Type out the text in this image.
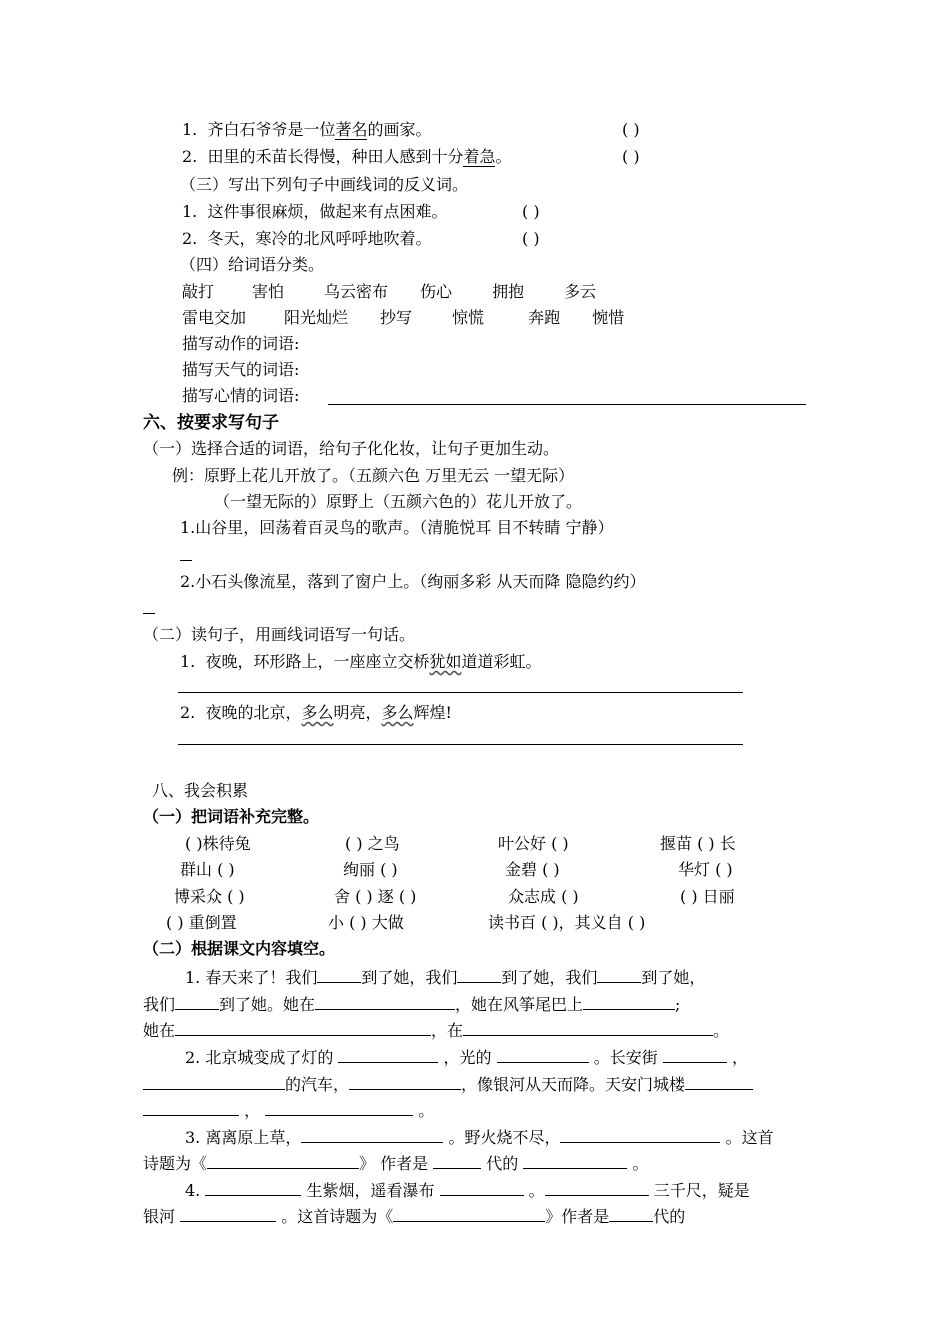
1. 齐白石爷爷是一位著名的画家。	( )
2. 田里的禾苗长得慢，种田人感到十分着急。	( )
（三）写出下列句子中画线词的反义词。
1. 这件事很麻烦，做起来有点困难。	( )
2. 冬天，寒冷的北风呼呼地吹着。	( )
（四）给词语分类。
敲打 害怕	乌云密布 伤心	拥抱	多云
雷电交加 阳光灿烂 抄写	惊慌	奔跑 惋惜
描写动作的词语:
描写天气的词语:
描写心情的词语:
六、按要求写句子
（一）选择合适的词语，给句子化化妆，让句子更加生动。
例：原野上花儿开放了。（五颜六色 万里无云 一望无际）
（一望无际的）原野上（五颜六色的）花儿开放了。
1.山谷里，回荡着百灵鸟的歌声。（清脆悦耳 目不转睛 宁静）
2.小石头像流星，落到了窗户上。（绚丽多彩 从天而降 隐隐约约）
（二）读句子，用画线词语写一句话。
1. 夜晚，环形路上，一座座立交桥犹如道道彩虹。
2. 夜晚的北京，多么明亮，多么辉煌!
八、我会积累
（一）把词语补充完整。
( )株待兔	( ) 之鸟	叶公好 ( )	揠苗 ( ) 长
群山 ( )	绚丽 ( )	金碧 ( )	华灯 ( )
博采众 ( )	舍 ( ) 逐 ( )	众志成 ( )	( ) 日丽
( ) 重倒置	小 ( ) 大做	读书百 ( )，其义自 ( )
（二）根据课文内容填空。
1. 春天来了！我们	到了她，我们	到了她，我们	到了她，
我们	到了她。她在	，她在风筝尾巴上	;
她在	，在	。
2. 北京城变成了灯的	，光的	。长安街	，
的汽车，	，像银河从天而降。天安门城楼
，	。
3. 离离原上草，	。野火烧不尽，	。这首
诗题为《	》 作者是	代的	。
4.	生紫烟，遥看瀑布	。	三千尺，疑是
银河	。这首诗题为《	》作者是	代的
